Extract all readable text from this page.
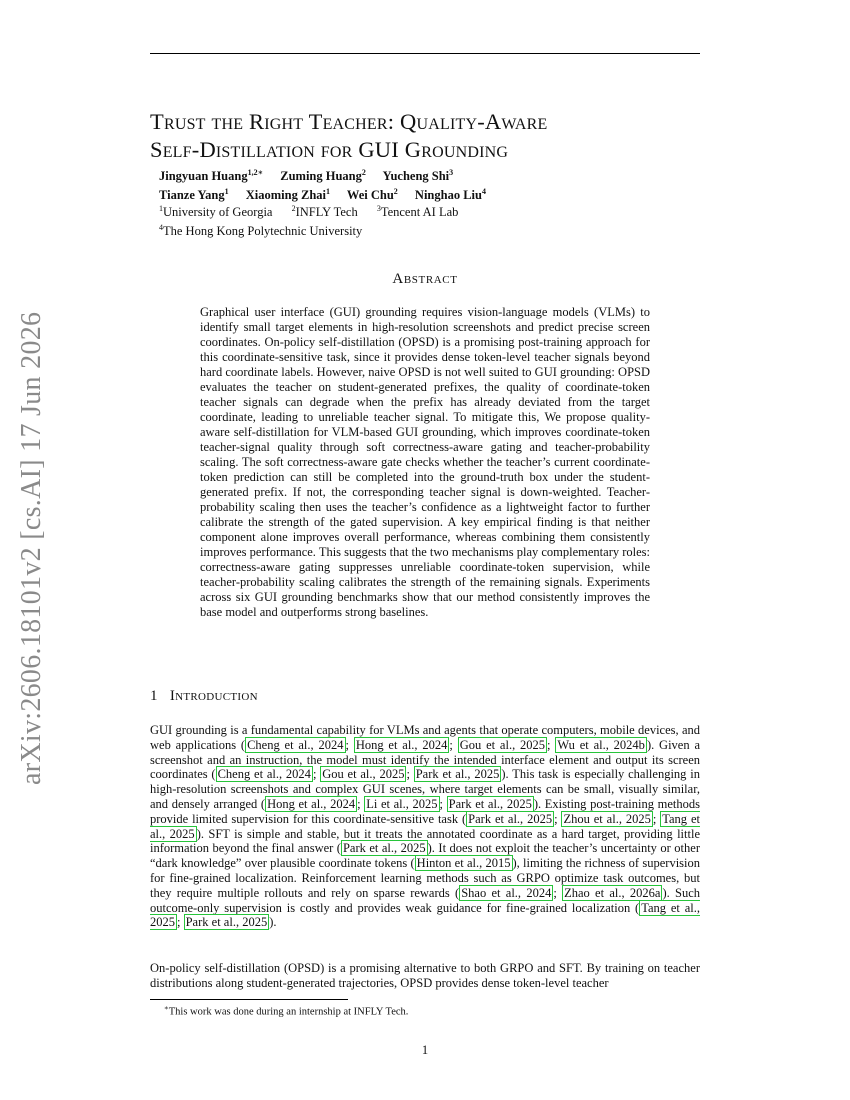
arXiv:2606.18101v2 [cs.AI] 17 Jun 2026
Trust the Right Teacher: Quality-Aware
Self-Distillation for GUI Grounding
Jingyuan Huang$^{1,2∗}$ Zuming Huang$^2$ Yucheng Shi$^3$
Tianze Yang$^1$ Xiaoming Zhai$^1$ Wei Chu$^2$ Ninghao Liu$^4$
$^1$University of Georgia $^2$INFLY Tech $^3$Tencent AI Lab
$^4$The Hong Kong Polytechnic University
Abstract
Graphical user interface (GUI) grounding requires vision-language models (VLMs) to identify small target elements in high-resolution screenshots and predict precise screen coordinates. On-policy self-distillation (OPSD) is a promising post-training approach for this coordinate-sensitive task, since it provides dense token-level teacher signals beyond hard coordinate labels. However, naive OPSD is not well suited to GUI grounding: OPSD evaluates the teacher on student-generated prefixes, the quality of coordinate-token teacher signals can degrade when the prefix has already deviated from the target coordinate, leading to unreliable teacher signal. To mitigate this, We propose quality-aware self-distillation for VLM-based GUI grounding, which improves coordinate-token teacher-signal quality through soft correctness-aware gating and teacher-probability scaling. The soft correctness-aware gate checks whether the teacher’s current coordinate-token prediction can still be completed into the ground-truth box under the student-generated prefix. If not, the corresponding teacher signal is down-weighted. Teacher-probability scaling then uses the teacher’s confidence as a lightweight factor to further calibrate the strength of the gated supervision. A key empirical finding is that neither component alone improves overall performance, whereas combining them consistently improves performance. This suggests that the two mechanisms play complementary roles: correctness-aware gating suppresses unreliable coordinate-token supervision, while teacher-probability scaling calibrates the strength of the remaining signals. Experiments across six GUI grounding benchmarks show that our method consistently improves the base model and outperforms strong baselines.
1 Introduction
GUI grounding is a fundamental capability for VLMs and agents that operate computers, mobile devices, and web applications ( Cheng et al., 2024 ; Hong et al., 2024 ; Gou et al., 2025 ; Wu et al., 2024b ). Given a screenshot and an instruction, the model must identify the intended interface element and output its screen coordinates ( Cheng et al., 2024 ; Gou et al., 2025 ; Park et al., 2025 ). This task is especially challenging in high-resolution screenshots and complex GUI scenes, where target elements can be small, visually similar, and densely arranged ( Hong et al., 2024 ; Li et al., 2025 ; Park et al., 2025 ). Existing post-training methods provide limited supervision for this coordinate-sensitive task ( Park et al., 2025 ; Zhou et al., 2025 ; Tang et al., 2025 ). SFT is simple and stable, but it treats the annotated coordinate as a hard target, providing little information beyond the final answer ( Park et al., 2025 ). It does not exploit the teacher’s uncertainty or other “dark knowledge” over plausible coordinate tokens ( Hinton et al., 2015 ), limiting the richness of supervision for fine-grained localization. Reinforcement learning methods such as GRPO optimize task outcomes, but they require multiple rollouts and rely on sparse rewards ( Shao et al., 2024 ; Zhao et al., 2026a ). Such outcome-only supervision is costly and provides weak guidance for fine-grained localization ( Tang et al., 2025 ; Park et al., 2025 ).
On-policy self-distillation (OPSD) is a promising alternative to both GRPO and SFT. By training on teacher distributions along student-generated trajectories, OPSD provides dense token-level teacher
∗This work was done during an internship at INFLY Tech.
1
